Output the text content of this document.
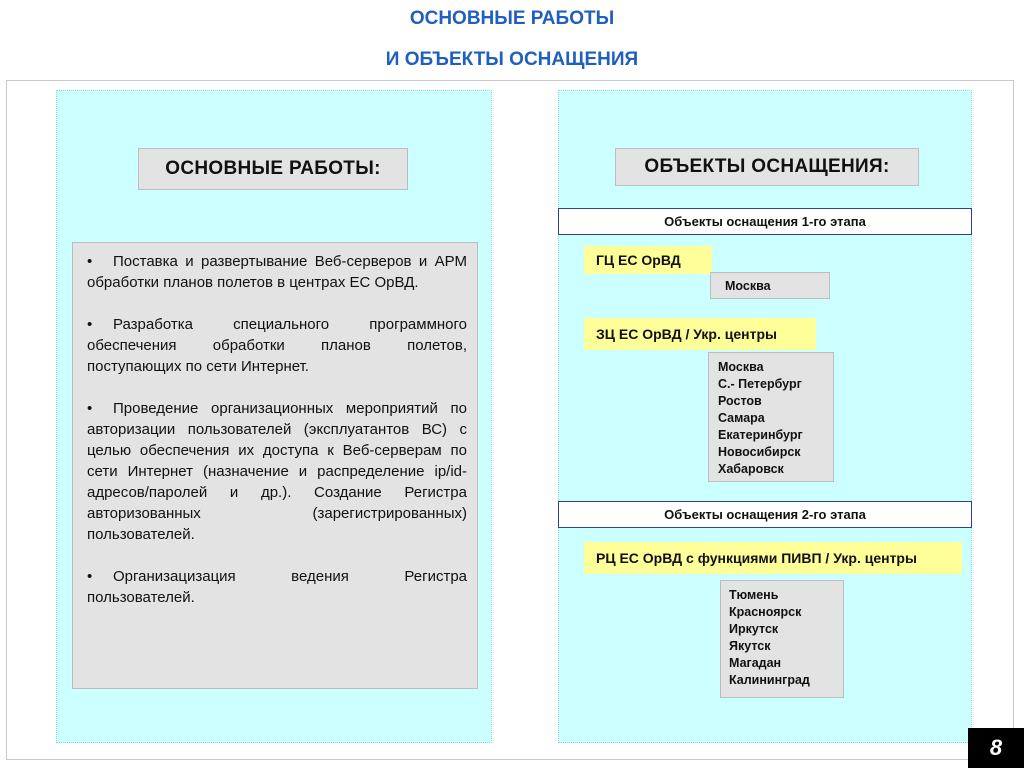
ОСНОВНЫЕ РАБОТЫ
И ОБЪЕКТЫ ОСНАЩЕНИЯ
ОСНОВНЫЕ РАБОТЫ:
• Поставка и развертывание Веб-серверов и АРМ обработки планов полетов в центрах ЕС ОрВД.
• Разработка специального программного обеспечения обработки планов полетов, поступающих по сети Интернет.
• Проведение организационных мероприятий по авторизации пользователей (эксплуатантов ВС) с целью обеспечения их доступа к Веб-серверам по сети Интернет (назначение и распределение ip/id-адресов/паролей и др.). Создание Регистра авторизованных (зарегистрированных) пользователей.
• Организацизация ведения Регистра пользователей.
ОБЪЕКТЫ ОСНАЩЕНИЯ:
Объекты оснащения 1-го этапа
ГЦ ЕС ОрВД
Москва
ЗЦ ЕС ОрВД / Укр. центры
Москва
С.- Петербург
Ростов
Самара
Екатеринбург
Новосибирск
Хабаровск
Объекты оснащения 2-го этапа
РЦ ЕС ОрВД с функциями ПИВП / Укр. центры
Тюмень
Красноярск
Иркутск
Якутск
Магадан
Калининград
8
